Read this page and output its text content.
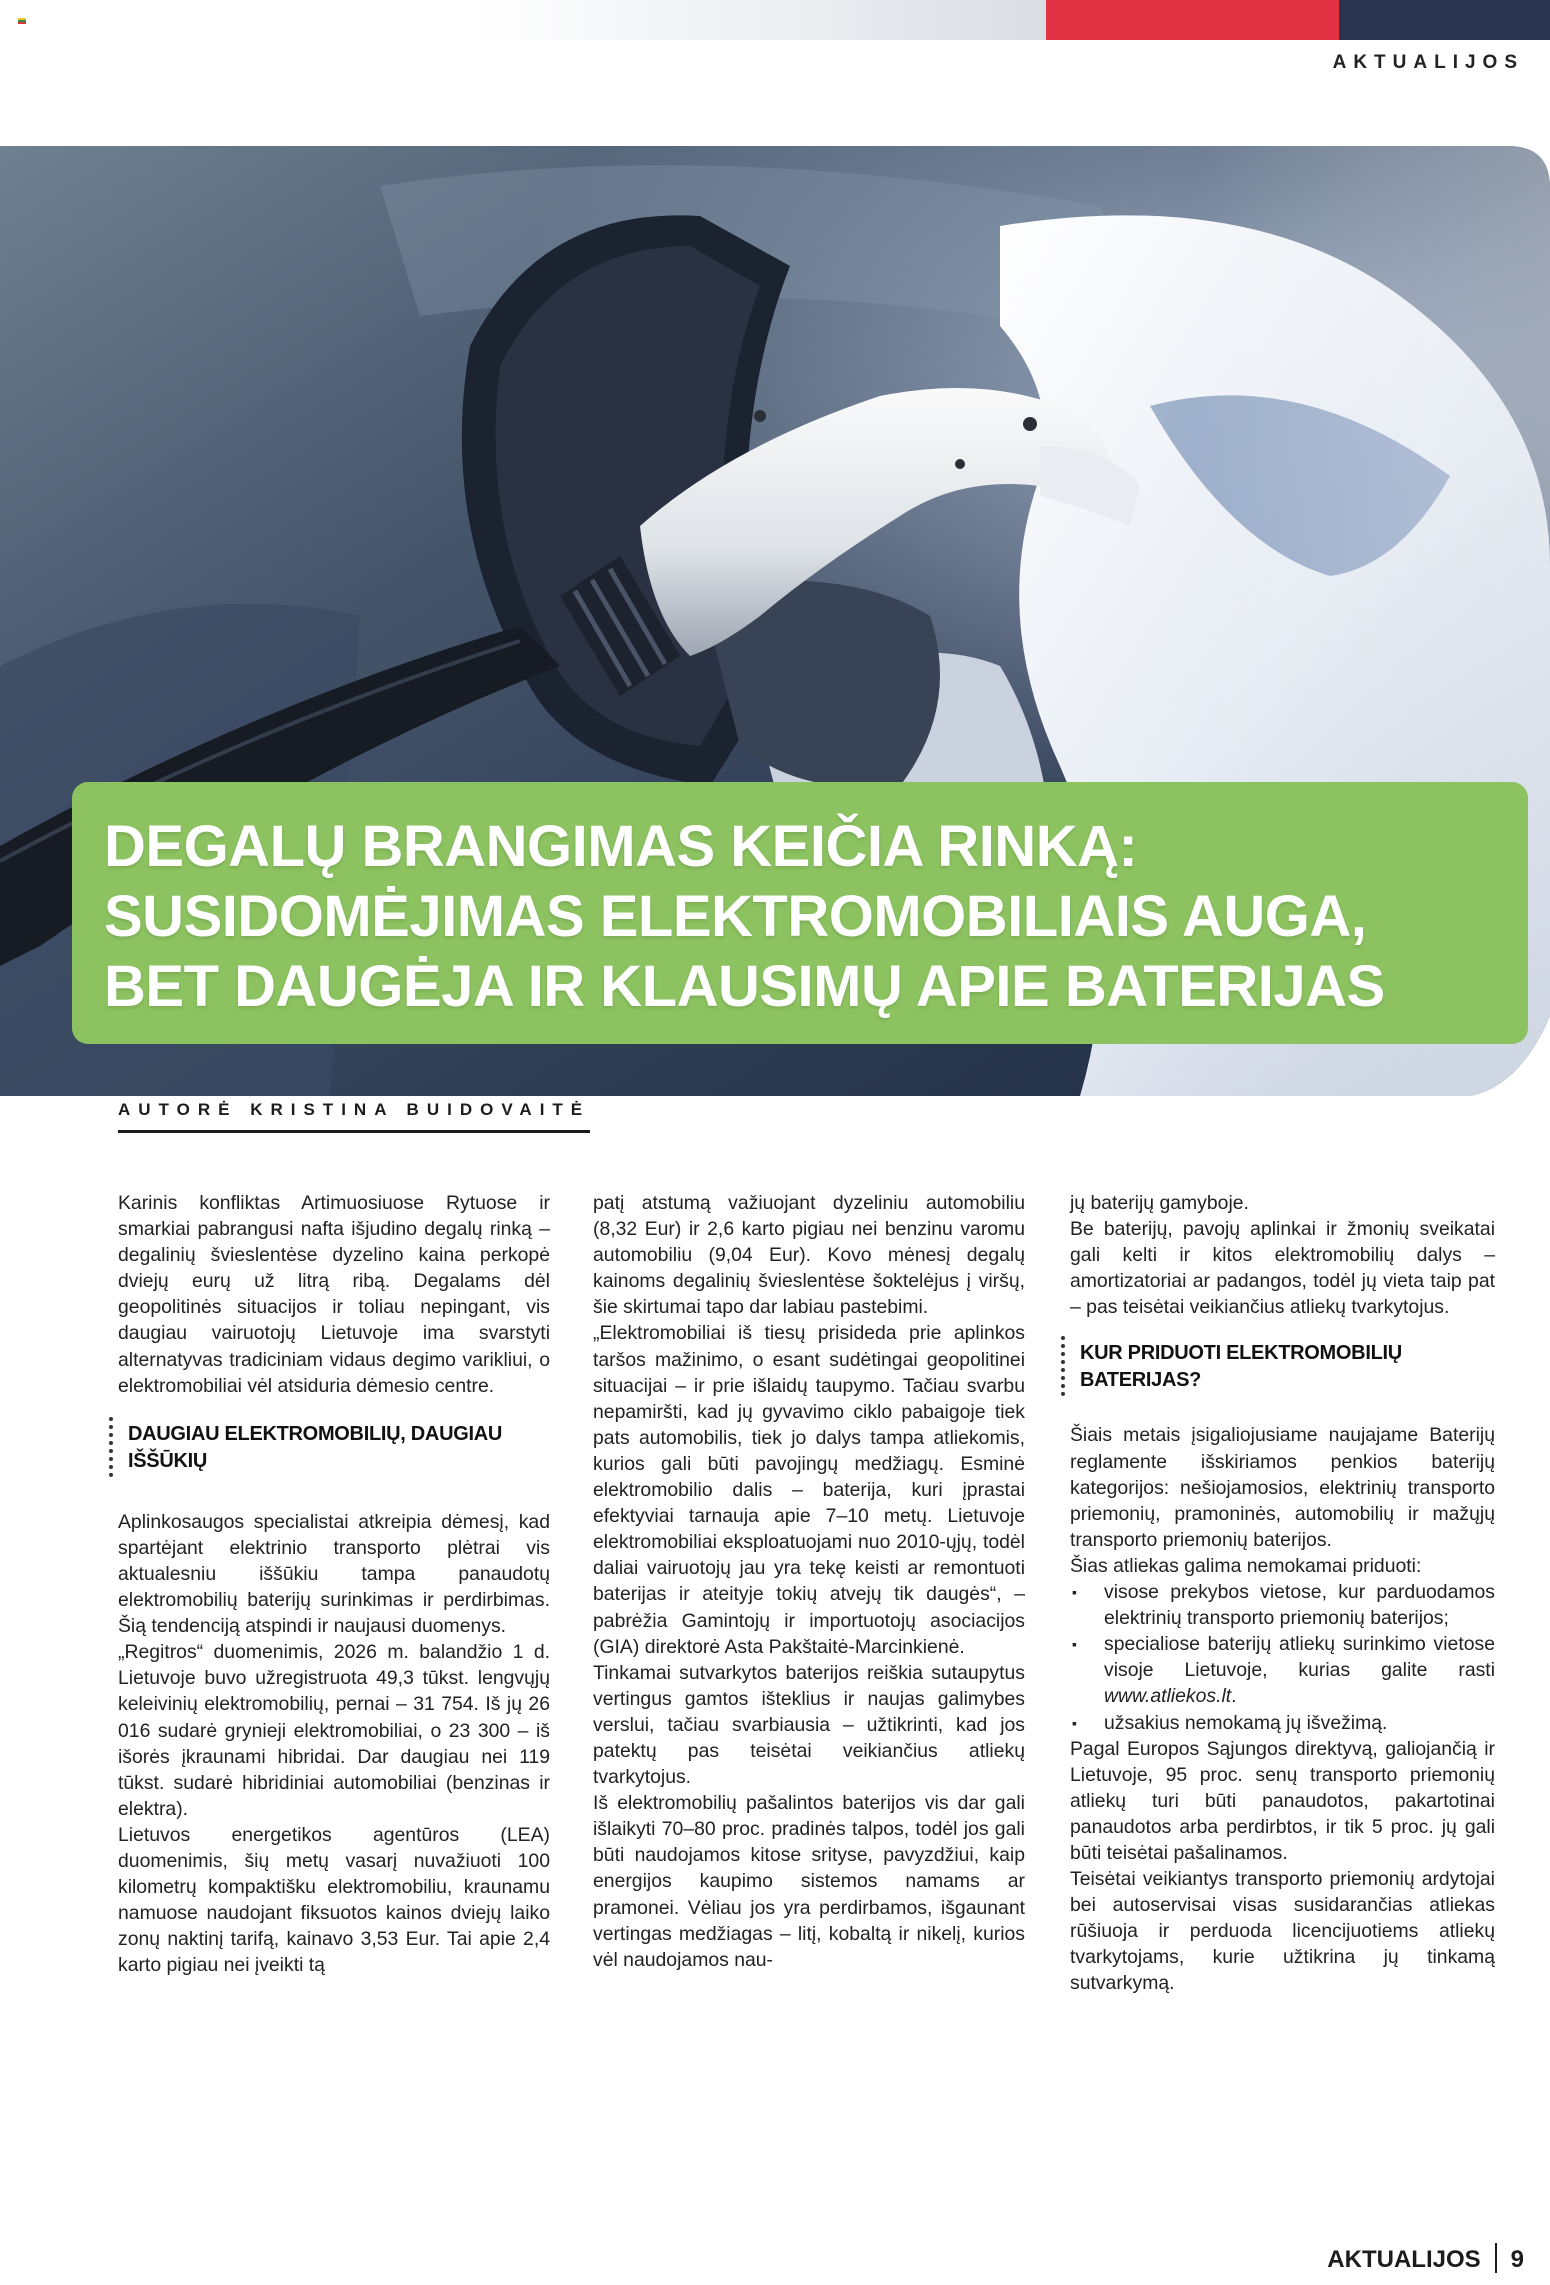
AKTUALIJOS
DEGALŲ BRANGIMAS KEIČIA RINKĄ:
SUSIDOMĖJIMAS ELEKTROMOBILIAIS AUGA,
BET DAUGĖJA IR KLAUSIMŲ APIE BATERIJAS
AUTORĖ KRISTINA BUIDOVAITĖ

Karinis konfliktas Artimuosiuose Rytuose ir smarkiai pabrangusi nafta išjudino degalų rinką – degalinių švieslentėse dyzelino kaina perkopė dviejų eurų už litrą ribą. Degalams dėl geopolitinės situacijos ir toliau nepingant, vis daugiau vairuotojų Lietuvoje ima svarstyti alternatyvas tradiciniam vidaus degimo varikliui, o elektromobiliai vėl atsiduria dėmesio centre.

DAUGIAU ELEKTROMOBILIŲ, DAUGIAU IŠŠŪKIŲ

Aplinkosaugos specialistai atkreipia dėmesį, kad spartėjant elektrinio transporto plėtrai vis aktualesniu iššūkiu tampa panaudotų elektromobilių baterijų surinkimas ir perdirbimas. Šią tendenciją atspindi ir naujausi duomenys.

„Regitros“ duomenimis, 2026 m. balandžio 1 d. Lietuvoje buvo užregistruota 49,3 tūkst. lengvųjų keleivinių elektromobilių, pernai – 31 754. Iš jų 26 016 sudarė grynieji elektromobiliai, o 23 300 – iš išorės įkraunami hibridai. Dar daugiau nei 119 tūkst. sudarė hibridiniai automobiliai (benzinas ir elektra).

Lietuvos energetikos agentūros (LEA) duomenimis, šių metų vasarį nuvažiuoti 100 kilometrų kompaktišku elektromobiliu, kraunamu namuose naudojant fiksuotos kainos dviejų laiko zonų naktinį tarifą, kainavo 3,53 Eur. Tai apie 2,4 karto pigiau nei įveikti tą

patį atstumą važiuojant dyzeliniu automobiliu (8,32 Eur) ir 2,6 karto pigiau nei benzinu varomu automobiliu (9,04 Eur). Kovo mėnesį degalų kainoms degalinių švieslentėse šoktelėjus į viršų, šie skirtumai tapo dar labiau pastebimi.

„Elektromobiliai iš tiesų prisideda prie aplinkos taršos mažinimo, o esant sudėtingai geopolitinei situacijai – ir prie išlaidų taupymo. Tačiau svarbu nepamiršti, kad jų gyvavimo ciklo pabaigoje tiek pats automobilis, tiek jo dalys tampa atliekomis, kurios gali būti pavojingų medžiagų. Esminė elektromobilio dalis – baterija, kuri įprastai efektyviai tarnauja apie 7–10 metų. Lietuvoje elektromobiliai eksploatuojami nuo 2010-ųjų, todėl daliai vairuotojų jau yra tekę keisti ar remontuoti baterijas ir ateityje tokių atvejų tik daugės“, – pabrėžia Gamintojų ir importuotojų asociacijos (GIA) direktorė Asta Pakštaitė-Marcinkienė.

Tinkamai sutvarkytos baterijos reiškia sutaupytus vertingus gamtos išteklius ir naujas galimybes verslui, tačiau svarbiausia – užtikrinti, kad jos patektų pas teisėtai veikiančius atliekų tvarkytojus.

Iš elektromobilių pašalintos baterijos vis dar gali išlaikyti 70–80 proc. pradinės talpos, todėl jos gali būti naudojamos kitose srityse, pavyzdžiui, kaip energijos kaupimo sistemos namams ar pramonei. Vėliau jos yra perdirbamos, išgaunant vertingas medžiagas – litį, kobaltą ir nikelį, kurios vėl naudojamos nau-

jų baterijų gamyboje.

Be baterijų, pavojų aplinkai ir žmonių sveikatai gali kelti ir kitos elektromobilių dalys – amortizatoriai ar padangos, todėl jų vieta taip pat – pas teisėtai veikiančius atliekų tvarkytojus.

KUR PRIDUOTI ELEKTROMOBILIŲ BATERIJAS?

Šiais metais įsigaliojusiame naujajame Baterijų reglamente išskiriamos penkios baterijų kategorijos: nešiojamosios, elektrinių transporto priemonių, pramoninės, automobilių ir mažųjų transporto priemonių baterijos.

Šias atliekas galima nemokamai priduoti:

▪ visose prekybos vietose, kur parduodamos elektrinių transporto priemonių baterijos;
▪ specialiose baterijų atliekų surinkimo vietose visoje Lietuvoje, kurias galite rasti www.atliekos.lt.
▪ užsakius nemokamą jų išvežimą.

Pagal Europos Sąjungos direktyvą, galiojančią ir Lietuvoje, 95 proc. senų transporto priemonių atliekų turi būti panaudotos, pakartotinai panaudotos arba perdirbtos, ir tik 5 proc. jų gali būti teisėtai pašalinamos.

Teisėtai veikiantys transporto priemonių ardytojai bei autoservisai visas susidarančias atliekas rūšiuoja ir perduoda licencijuotiems atliekų tvarkytojams, kurie užtikrina jų tinkamą sutvarkymą.

AKTUALIJOS 9
